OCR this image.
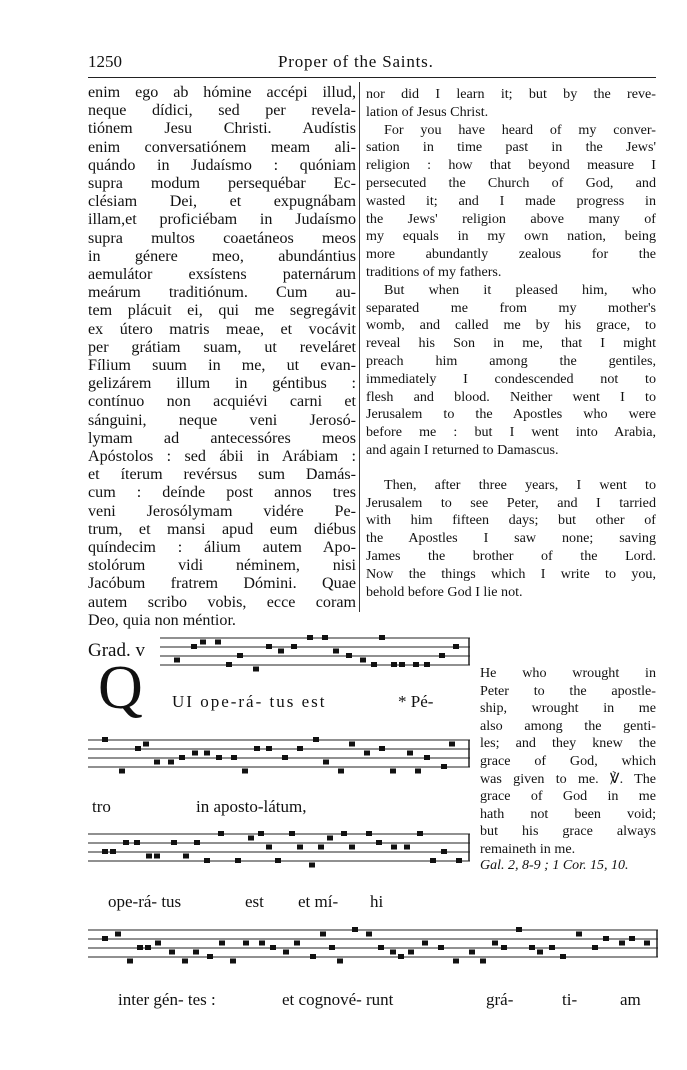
1250	Proper of the Saints.
enim ego ab hómine accépi illud,
neque dídici, sed per revela-
tiónem Jesu Christi. Audístis
enim conversatiónem meam ali-
quándo in Judaísmo : quóniam
supra modum persequébar Ec-
clésiam Dei, et expugnábam
illam,et proficiébam in Judaísmo
supra multos coaetáneos meos
in génere meo, abundántius
aemulátor exsístens paternárum
meárum traditiónum. Cum au-
tem plácuit ei, qui me segregávit
ex útero matris meae, et vocávit
per grátiam suam, ut reveláret
Fílium suum in me, ut evan-
gelizárem illum in géntibus :
contínuo non acquiévi carni et
sánguini, neque veni Jerosó-
lymam ad antecessóres meos
Apóstolos : sed ábii in Arábiam :
et íterum revérsus sum Damás-
cum : deínde post annos tres
veni Jerosólymam vidére Pe-
trum, et mansi apud eum diébus
quíndecim : álium autem Apo-
stolórum vidi néminem, nisi
Jacóbum fratrem Dómini. Quae
autem scribo vobis, ecce coram
Deo, quia non méntior.
nor did I learn it; but by the reve-
lation of Jesus Christ.
For you have heard of my conver-
sation in time past in the Jews'
religion : how that beyond measure I
persecuted the Church of God, and
wasted it; and I made progress in
the Jews' religion above many of
my equals in my own nation, being
more abundantly zealous for the
traditions of my fathers.
But when it pleased him, who
separated me from my mother's
womb, and called me by his grace, to
reveal his Son in me, that I might
preach him among the gentiles,
immediately I condescended not to
flesh and blood. Neither went I to
Jerusalem to the Apostles who were
before me : but I went into Arabia,
and again I returned to Damascus.
Then, after three years, I went to
Jerusalem to see Peter, and I tarried
with him fifteen days; but other of
the Apostles I saw none; saving
James the brother of the Lord.
Now the things which I write to you,
behold before God I lie not.
Grad. v
Q UI ope-rá- tus est	* Pé-
tro	in aposto-látum,
ope-rá- tus	est et mí- hi
inter gén- tes :	et cognové- runt	grá-	ti-	am
He who wrought in
Peter to the apostle-
ship, wrought in me
also among the genti-
les; and they knew the
grace of God, which
was given to me. ℣. The
grace of God in me
hath not been void;
but his grace always
remaineth in me.
Gal. 2, 8-9 ; 1 Cor. 15, 10.
